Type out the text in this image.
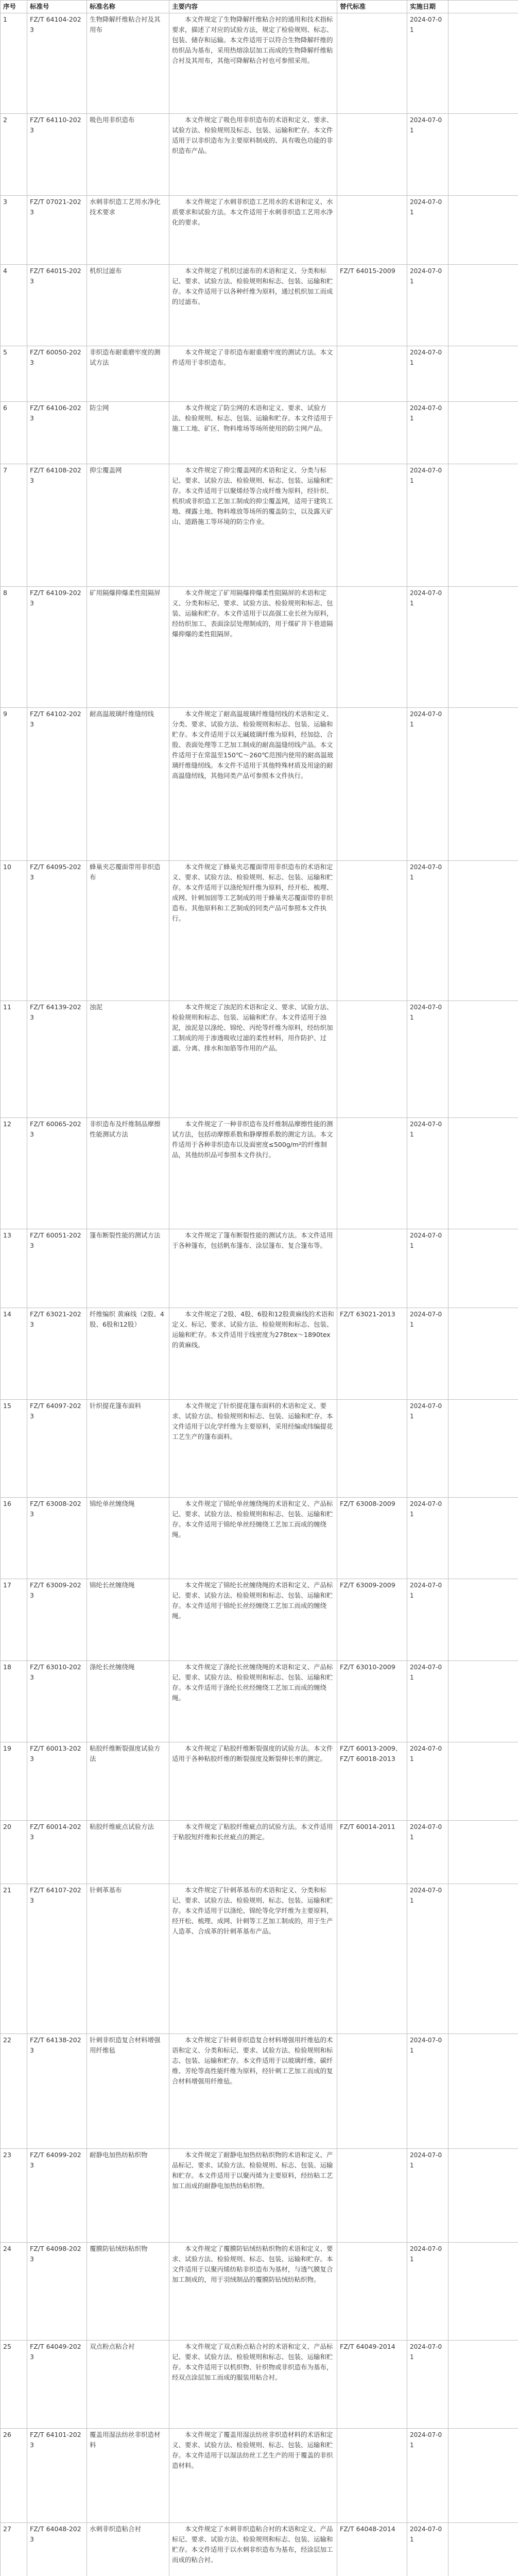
序号	标准号	标准名称	主要内容	替代标准	实施日期	
1	FZ/T 64104-2023	生物降解纤维粘合衬及其用布	本文件规定了生物降解纤维粘合衬的通用和技术指标要求，描述了对应的试验方法，规定了检验规则、标志、包装、储存和运输。本文件适用于以符合生物降解纤维的纺织品为基布，采用热熔涂层加工而成的生物降解纤维粘合衬及其用布，其他可降解粘合衬也可参照采用。		2024-07-01	
2	FZ/T 64110-2023	吸色用非织造布	本文件规定了吸色用非织造布的术语和定义、要求、试验方法、检验规则及标志、包装、运输和贮存。本文件适用于以非织造布为主要原料制成的、具有吸色功能的非织造布产品。		2024-07-01	
3	FZ/T 07021-2023	水刺非织造工艺用水净化技术要求	本文件规定了水刺非织造工艺用水的术语和定义、水质要求和试验方法。本文件适用于水刺非织造工艺用水净化的要求。		2024-07-01	
4	FZ/T 64015-2023	机织过滤布	本文件规定了机织过滤布的术语和定义、分类和标记、要求、试验方法、检验规则和标志、包装、运输和贮存。本文件适用于以各种纤维为原料，通过机织加工而成的过滤布。	FZ/T 64015-2009	2024-07-01	
5	FZ/T 60050-2023	非织造布耐重磨牢度的测试方法	本文件规定了非织造布耐重磨牢度的测试方法。本文件适用于非织造布。		2024-07-01	
6	FZ/T 64106-2023	防尘网	本文件规定了防尘网的术语和定义、要求、试验方法、检验规则、标志、包装、运输和贮存。本文件适用于施工工地、矿区、物料堆场等场所使用的防尘网产品。		2024-07-01	
7	FZ/T 64108-2023	抑尘覆盖网	本文件规定了抑尘覆盖网的术语和定义、分类与标记、要求、试验方法、检验规则、标志、包装、运输和贮存。本文件适用于以聚烯烃等合成纤维为原料，经针织、机织或非织造工艺加工制成的抑尘覆盖网，适用于建筑工地、裸露土地、物料堆放等场所的覆盖防尘，以及露天矿山、道路施工等环境的防尘作业。		2024-07-01	
8	FZ/T 64109-2023	矿用隔爆抑爆柔性阻隔屏	本文件规定了矿用隔爆抑爆柔性阻隔屏的术语和定义、分类和标记、要求、试验方法、检验规则和标志、包装、运输和贮存。本文件适用于以高强工业长丝为原料，经纺织加工、表面涂层处理制成的，用于煤矿井下巷道隔爆抑爆的柔性阻隔屏。		2024-07-01	
9	FZ/T 64102-2023	耐高温玻璃纤维缝纫线	本文件规定了耐高温玻璃纤维缝纫线的术语和定义、分类、要求、试验方法、检验规则和标志、包装、运输和贮存。本文件适用于以无碱玻璃纤维为原料，经加捻、合股、表面处理等工艺加工制成的耐高温缝纫线产品。本文件适用于在常温至150℃～260℃范围内使用的耐高温玻璃纤维缝纫线。本文件不适用于其他特殊材质及用途的耐高温缝纫线，其他同类产品可参照本文件执行。		2024-07-01	
10	FZ/T 64095-2023	蜂巢夹芯覆面带用非织造布	本文件规定了蜂巢夹芯覆面带用非织造布的术语和定义、要求、试验方法、检验规则、标志、包装、运输和贮存。本文件适用于以涤纶短纤维为原料，经开松、梳理、成网、针刺加固等工艺制成的用于蜂巢夹芯覆面带的非织造布。其他原料和工艺制成的同类产品可参照本文件执行。		2024-07-01	
11	FZ/T 64139-2023	浊泥	本文件规定了浊泥的术语和定义、要求、试验方法、检验规则和标志、包装、运输和贮存。本文件适用于浊泥，浊泥是以涤纶、锦纶、丙纶等纤维为原料，经纺织加工制成的用于渗透吸收过滤的柔性材料，用作防护、过滤、分离、排水和加筋等作用的产品。		2024-07-01	
12	FZ/T 60065-2023	非织造布及纤维制品摩擦性能测试方法	本文件规定了一种非织造布及纤维制品摩擦性能的测试方法，包括动摩擦系数和静摩擦系数的测定方法。本文件适用于各种非织造布以及面密度≤500g/m²的纤维制品，其他纺织品可参照本文件执行。		2024-07-01	
13	FZ/T 60051-2023	篷布断裂性能的测试方法	本文件规定了篷布断裂性能的测试方法。本文件适用于各种篷布，包括帆布篷布、涂层篷布、复合篷布等。		2024-07-01	
14	FZ/T 63021-2023	纤维编织 黄麻线（2股、4股、6股和12股）	本文件规定了2股、4股、6股和12股黄麻线的术语和定义、标记、要求、试验方法、检验规则和标志、包装、运输和贮存。本文件适用于线密度为278tex～1890tex的黄麻线。	FZ/T 63021-2013	2024-07-01	
15	FZ/T 64097-2023	针织提花篷布面料	本文件规定了针织提花篷布面料的术语和定义、要求、试验方法、检验规则和标志、包装、运输和贮存。本文件适用于以化学纤维为主要原料，采用经编或纬编提花工艺生产的篷布面料。		2024-07-01	
16	FZ/T 63008-2023	锦纶单丝缠绕绳	本文件规定了锦纶单丝缠绕绳的术语和定义、产品标记、要求、试验方法、检验规则和标志、包装、运输和贮存。本文件适用于锦纶单丝经缠绕工艺加工而成的缠绕绳。	FZ/T 63008-2009	2024-07-01	
17	FZ/T 63009-2023	锦纶长丝缠绕绳	本文件规定了锦纶长丝缠绕绳的术语和定义、产品标记、要求、试验方法、检验规则和标志、包装、运输和贮存。本文件适用于锦纶长丝经缠绕工艺加工而成的缠绕绳。	FZ/T 63009-2009	2024-07-01	
18	FZ/T 63010-2023	涤纶长丝缠绕绳	本文件规定了涤纶长丝缠绕绳的术语和定义、产品标记、要求、试验方法、检验规则和标志、包装、运输和贮存。本文件适用于涤纶长丝经缠绕工艺加工而成的缠绕绳。	FZ/T 63010-2009	2024-07-01	
19	FZ/T 60013-2023	粘胶纤维断裂强度试验方法	本文件规定了粘胶纤维断裂强度的试验方法。本文件适用于各种粘胶纤维的断裂强度及断裂伸长率的测定。	FZ/T 60013-2009、FZ/T 60018-2013	2024-07-01	
20	FZ/T 60014-2023	粘胶纤维疵点试验方法	本文件规定了粘胶纤维疵点的试验方法。本文件适用于粘胶短纤维和长丝疵点的测定。	FZ/T 60014-2011	2024-07-01	
21	FZ/T 64107-2023	针刺革基布	本文件规定了针刺革基布的术语和定义、分类和标记、要求、试验方法、检验规则、标志、包装、运输和贮存。本文件适用于以涤纶、锦纶等化学纤维为主要原料，经开松、梳理、成网、针刺等工艺加工制成的，用于生产人造革、合成革的针刺革基布产品。		2024-07-01	
22	FZ/T 64138-2023	针刺非织造复合材料增强用纤维毡	本文件规定了针刺非织造复合材料增强用纤维毡的术语和定义、分类和标记、要求、试验方法、检验规则和标志、包装、运输和贮存。本文件适用于以玻璃纤维、碳纤维、芳纶等高性能纤维为原料，经针刺工艺加工而成的复合材料增强用纤维毡。		2024-07-01	
23	FZ/T 64099-2023	耐静电加热纺粘织物	本文件规定了耐静电加热纺粘织物的术语和定义、产品标记、要求、试验方法、检验规则、标志、包装、运输和贮存。本文件适用于以聚丙烯为主要原料，经纺粘工艺加工而成的耐静电加热纺粘织物。		2024-07-01	
24	FZ/T 64098-2023	覆膜防钻绒纺粘织物	本文件规定了覆膜防钻绒纺粘织物的术语和定义、要求、试验方法、检验规则、标志、包装、运输和贮存。本文件适用于以聚丙烯纺粘非织造布为基材，与透气膜复合加工制成的，用于羽绒制品的覆膜防钻绒纺粘织物。		2024-07-01	
25	FZ/T 64049-2023	双点粉点粘合衬	本文件规定了双点粉点粘合衬的术语和定义、产品标记、要求、试验方法、检验规则和标志、包装、运输和贮存。本文件适用于以机织物、针织物或非织造布为基布，经双点涂层加工而成的服装用粘合衬。	FZ/T 64049-2014	2024-07-01	
26	FZ/T 64101-2023	覆盖用湿法纺丝非织造材料	本文件规定了覆盖用湿法纺丝非织造材料的术语和定义、要求、试验方法、检验规则、标志、包装、运输和贮存。本文件适用于以湿法纺丝工艺生产的用于覆盖的非织造材料。		2024-07-01	
27	FZ/T 64048-2023	水刺非织造粘合衬	本文件规定了水刺非织造粘合衬的术语和定义、产品标记、要求、试验方法、检验规则和标志、包装、运输和贮存。本文件适用于以水刺非织造布为基布，经涂层加工而成的粘合衬。	FZ/T 64048-2014	2024-07-01	
